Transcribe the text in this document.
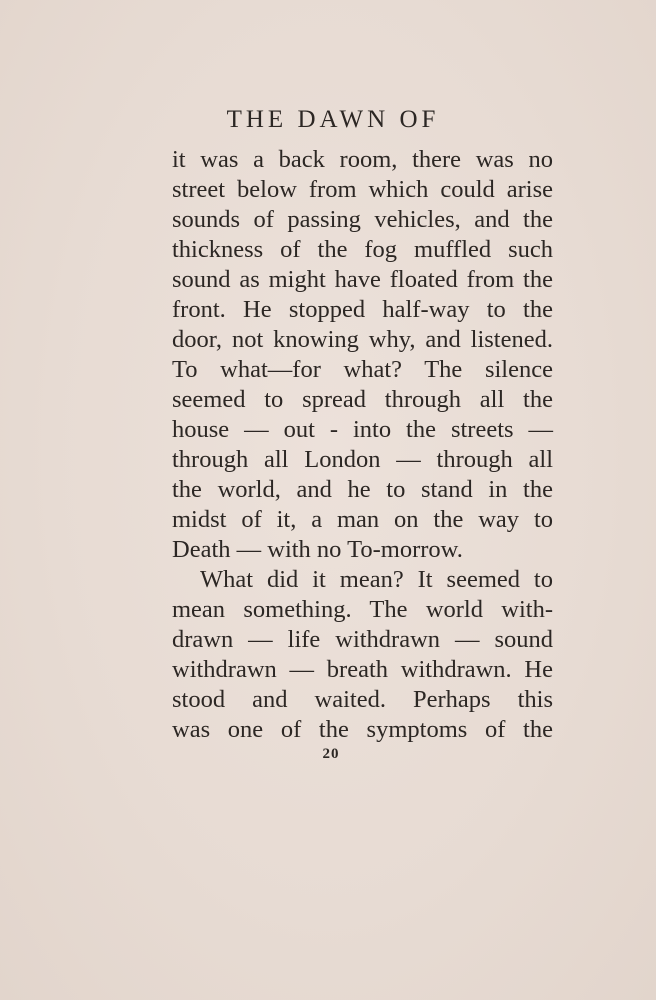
THE DAWN OF
it was a back room, there was no
street below from which could arise
sounds of passing vehicles, and the
thickness of the fog muffled such
sound as might have floated from the
front. He stopped half-way to the
door, not knowing why, and listened.
To what—for what? The silence
seemed to spread through all the
house — out - into the streets —
through all London — through all
the world, and he to stand in the
midst of it, a man on the way to
Death — with no To-morrow.
What did it mean? It seemed to
mean something. The world with-
drawn — life withdrawn — sound
withdrawn — breath withdrawn. He
stood and waited. Perhaps this
was one of the symptoms of the
20
